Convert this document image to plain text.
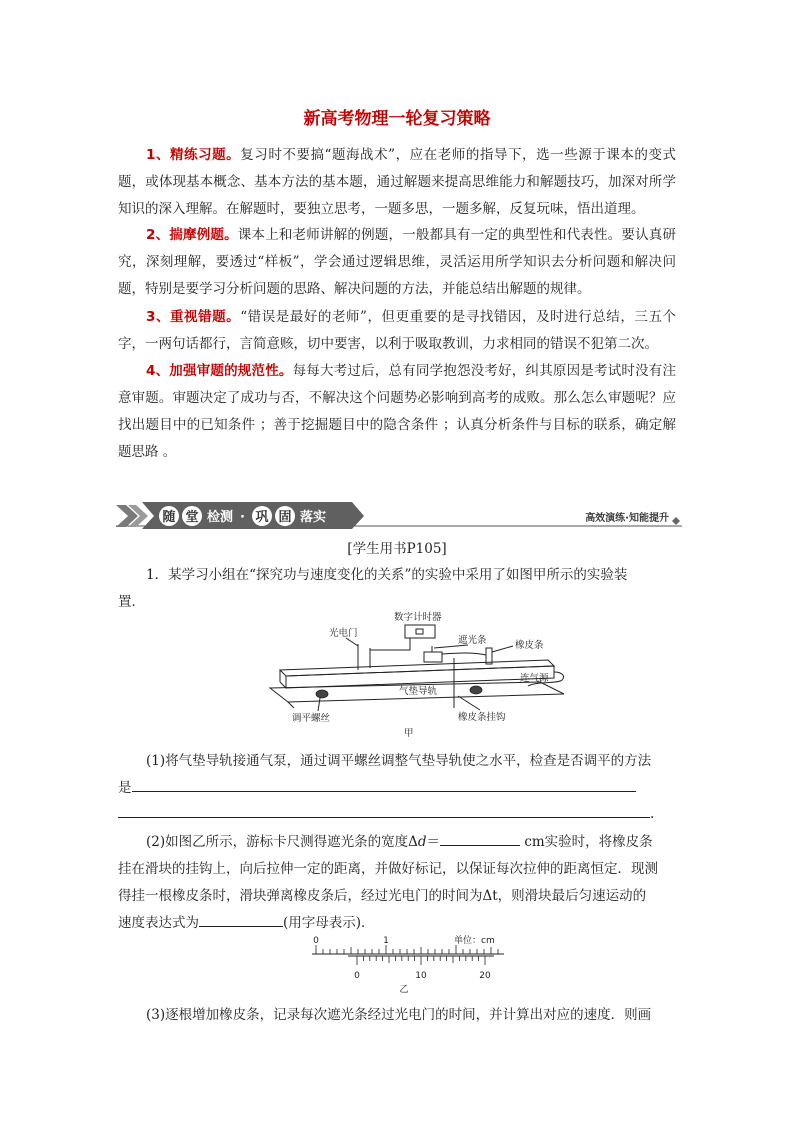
新高考物理一轮复习策略

1、精练习题。复习时不要搞“题海战术”，应在老师的指导下，选一些源于课本的变式题，或体现基本概念、基本方法的基本题，通过解题来提高思维能力和解题技巧，加深对所学知识的深入理解。在解题时，要独立思考，一题多思，一题多解，反复玩味，悟出道理。

2、揣摩例题。课本上和老师讲解的例题，一般都具有一定的典型性和代表性。要认真研究，深刻理解，要透过“样板”，学会通过逻辑思维，灵活运用所学知识去分析问题和解决问题，特别是要学习分析问题的思路、解决问题的方法，并能总结出解题的规律。

3、重视错题。“错误是最好的老师”，但更重要的是寻找错因，及时进行总结，三五个字，一两句话都行，言简意赅，切中要害，以利于吸取教训，力求相同的错误不犯第二次。

4、加强审题的规范性。每每大考过后，总有同学抱怨没考好，纠其原因是考试时没有注意审题。审题决定了成功与否，不解决这个问题势必影响到高考的成败。那么怎么审题呢？应找出题目中的已知条件 ；善于挖掘题目中的隐含条件 ；认真分析条件与目标的联系，确定解题思路 。

随 堂 检测 · 巩 固 落实	高效演练·知能提升
[学生用书P105]
1．某学习小组在“探究功与速度变化的关系”的实验中采用了如图甲所示的实验装
置．
数字计时器
光电门
遮光条	橡皮条
连气源
气垫导轨
调平螺丝	橡皮条挂钩
甲
(1)将气垫导轨接通气泵，通过调平螺丝调整气垫导轨使之水平，检查是否调平的方法
是
.
(2)如图乙所示，游标卡尺测得遮光条的宽度Δd＝	cm实验时，将橡皮条
挂在滑块的挂钩上，向后拉伸一定的距离，并做好标记，以保证每次拉伸的距离恒定．现测
得挂一根橡皮条时，滑块弹离橡皮条后，经过光电门的时间为Δt，则滑块最后匀速运动的
速度表达式为	(用字母表示)．
0	1	单位：cm
0	10	20
乙
(3)逐根增加橡皮条，记录每次遮光条经过光电门的时间，并计算出对应的速度．则画
